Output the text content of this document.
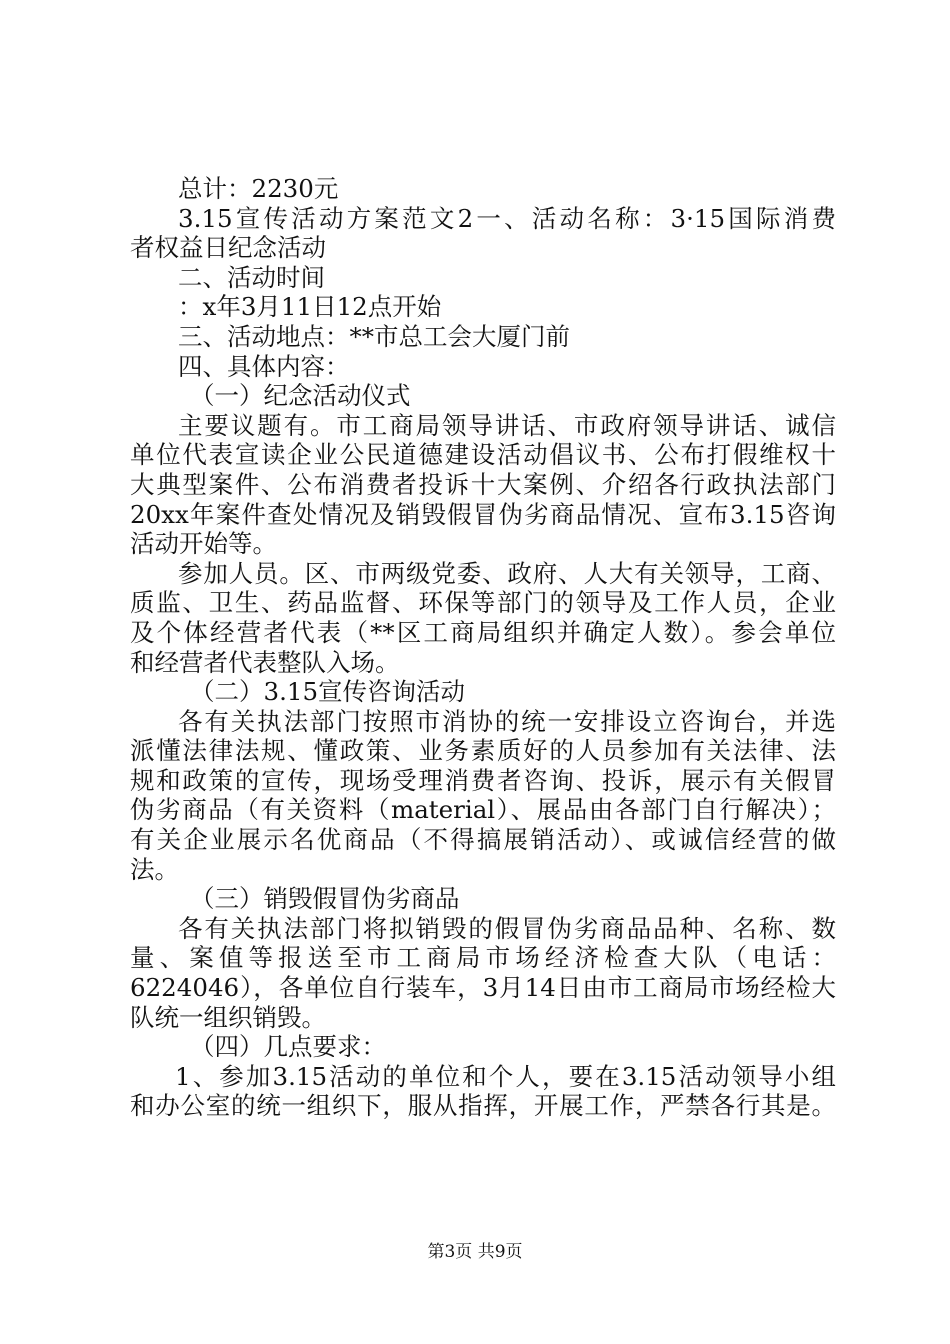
总计：2230元
3.15宣传活动方案范文2一、活动名称：3·15国际消费
者权益日纪念活动
二、活动时间
：x年3月11日12点开始
三、活动地点：**市总工会大厦门前
四、具体内容：
（一）纪念活动仪式
主要议题有。市工商局领导讲话、市政府领导讲话、诚信
单位代表宣读企业公民道德建设活动倡议书、公布打假维权十
大典型案件、公布消费者投诉十大案例、介绍各行政执法部门
20xx年案件查处情况及销毁假冒伪劣商品情况、宣布3.15咨询
活动开始等。
参加人员。区、市两级党委、政府、人大有关领导，工商、
质监、卫生、药品监督、环保等部门的领导及工作人员，企业
及个体经营者代表（**区工商局组织并确定人数）。参会单位
和经营者代表整队入场。
（二）3.15宣传咨询活动
各有关执法部门按照市消协的统一安排设立咨询台，并选
派懂法律法规、懂政策、业务素质好的人员参加有关法律、法
规和政策的宣传，现场受理消费者咨询、投诉，展示有关假冒
伪劣商品（有关资料（material）、展品由各部门自行解决）；
有关企业展示名优商品（不得搞展销活动）、或诚信经营的做
法。
（三）销毁假冒伪劣商品
各有关执法部门将拟销毁的假冒伪劣商品品种、名称、数
量、案值等报送至市工商局市场经济检查大队（电话：
6224046），各单位自行装车，3月14日由市工商局市场经检大
队统一组织销毁。
（四）几点要求：
1、参加3.15活动的单位和个人，要在3.15活动领导小组
和办公室的统一组织下，服从指挥，开展工作，严禁各行其是。
第3页 共9页
